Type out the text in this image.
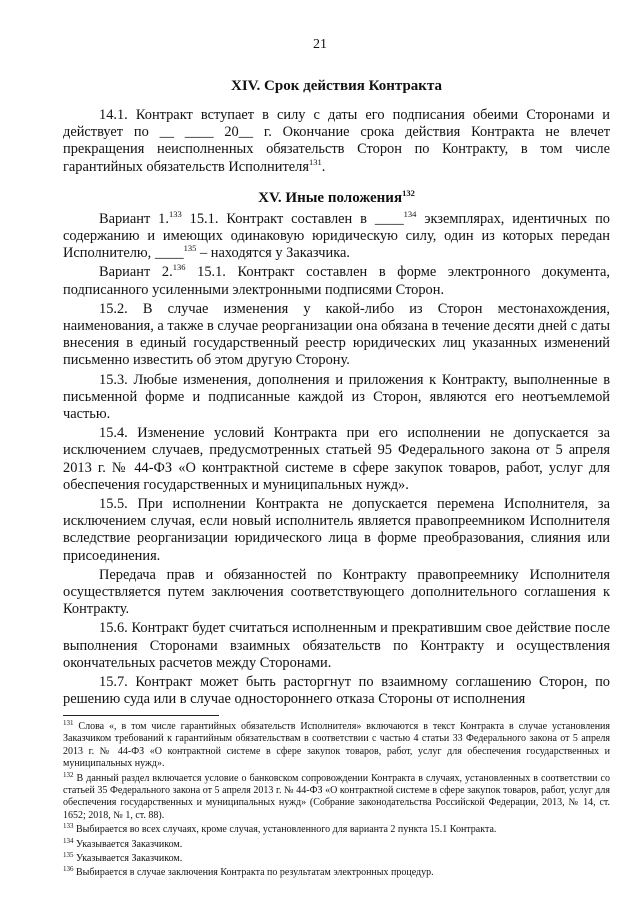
21
XIV. Срок действия Контракта

14.1. Контракт вступает в силу с даты его подписания обеими Сторонами и действует по __ ____ 20__ г. Окончание срока действия Контракта не влечет прекращения неисполненных обязательств Сторон по Контракту, в том числе гарантийных обязательств Исполнителя$^{131}$.

XV. Иные положения$^{132}$

Вариант 1.$^{133}$ 15.1. Контракт составлен в ____$^{134}$ экземплярах, идентичных по содержанию и имеющих одинаковую юридическую силу, один из которых передан Исполнителю, ____$^{135}$ – находятся у Заказчика.

Вариант 2.$^{136}$ 15.1. Контракт составлен в форме электронного документа, подписанного усиленными электронными подписями Сторон.

15.2. В случае изменения у какой-либо из Сторон местонахождения, наименования, а также в случае реорганизации она обязана в течение десяти дней с даты внесения в единый государственный реестр юридических лиц указанных изменений письменно известить об этом другую Сторону.

15.3. Любые изменения, дополнения и приложения к Контракту, выполненные в письменной форме и подписанные каждой из Сторон, являются его неотъемлемой частью.

15.4. Изменение условий Контракта при его исполнении не допускается за исключением случаев, предусмотренных статьей 95 Федерального закона от 5 апреля 2013 г. № 44-ФЗ «О контрактной системе в сфере закупок товаров, работ, услуг для обеспечения государственных и муниципальных нужд».

15.5. При исполнении Контракта не допускается перемена Исполнителя, за исключением случая, если новый исполнитель является правопреемником Исполнителя вследствие реорганизации юридического лица в форме преобразования, слияния или присоединения.

Передача прав и обязанностей по Контракту правопреемнику Исполнителя осуществляется путем заключения соответствующего дополнительного соглашения к Контракту.

15.6. Контракт будет считаться исполненным и прекратившим свое действие после выполнения Сторонами взаимных обязательств по Контракту и осуществления окончательных расчетов между Сторонами.

15.7. Контракт может быть расторгнут по взаимному соглашению Сторон, по решению суда или в случае одностороннего отказа Стороны от исполнения

$^{131}$ Слова «, в том числе гарантийных обязательств Исполнителя» включаются в текст Контракта в случае установления Заказчиком требований к гарантийным обязательствам в соответствии с частью 4 статьи 33 Федерального закона от 5 апреля 2013 г. № 44-ФЗ «О контрактной системе в сфере закупок товаров, работ, услуг для обеспечения государственных и муниципальных нужд».

$^{132}$ В данный раздел включается условие о банковском сопровождении Контракта в случаях, установленных в соответствии со статьей 35 Федерального закона от 5 апреля 2013 г. № 44-ФЗ «О контрактной системе в сфере закупок товаров, работ, услуг для обеспечения государственных и муниципальных нужд» (Собрание законодательства Российской Федерации, 2013, № 14, ст. 1652; 2018, № 1, ст. 88).

$^{133}$ Выбирается во всех случаях, кроме случая, установленного для варианта 2 пункта 15.1 Контракта.

$^{134}$ Указывается Заказчиком.

$^{135}$ Указывается Заказчиком.

$^{136}$ Выбирается в случае заключения Контракта по результатам электронных процедур.
